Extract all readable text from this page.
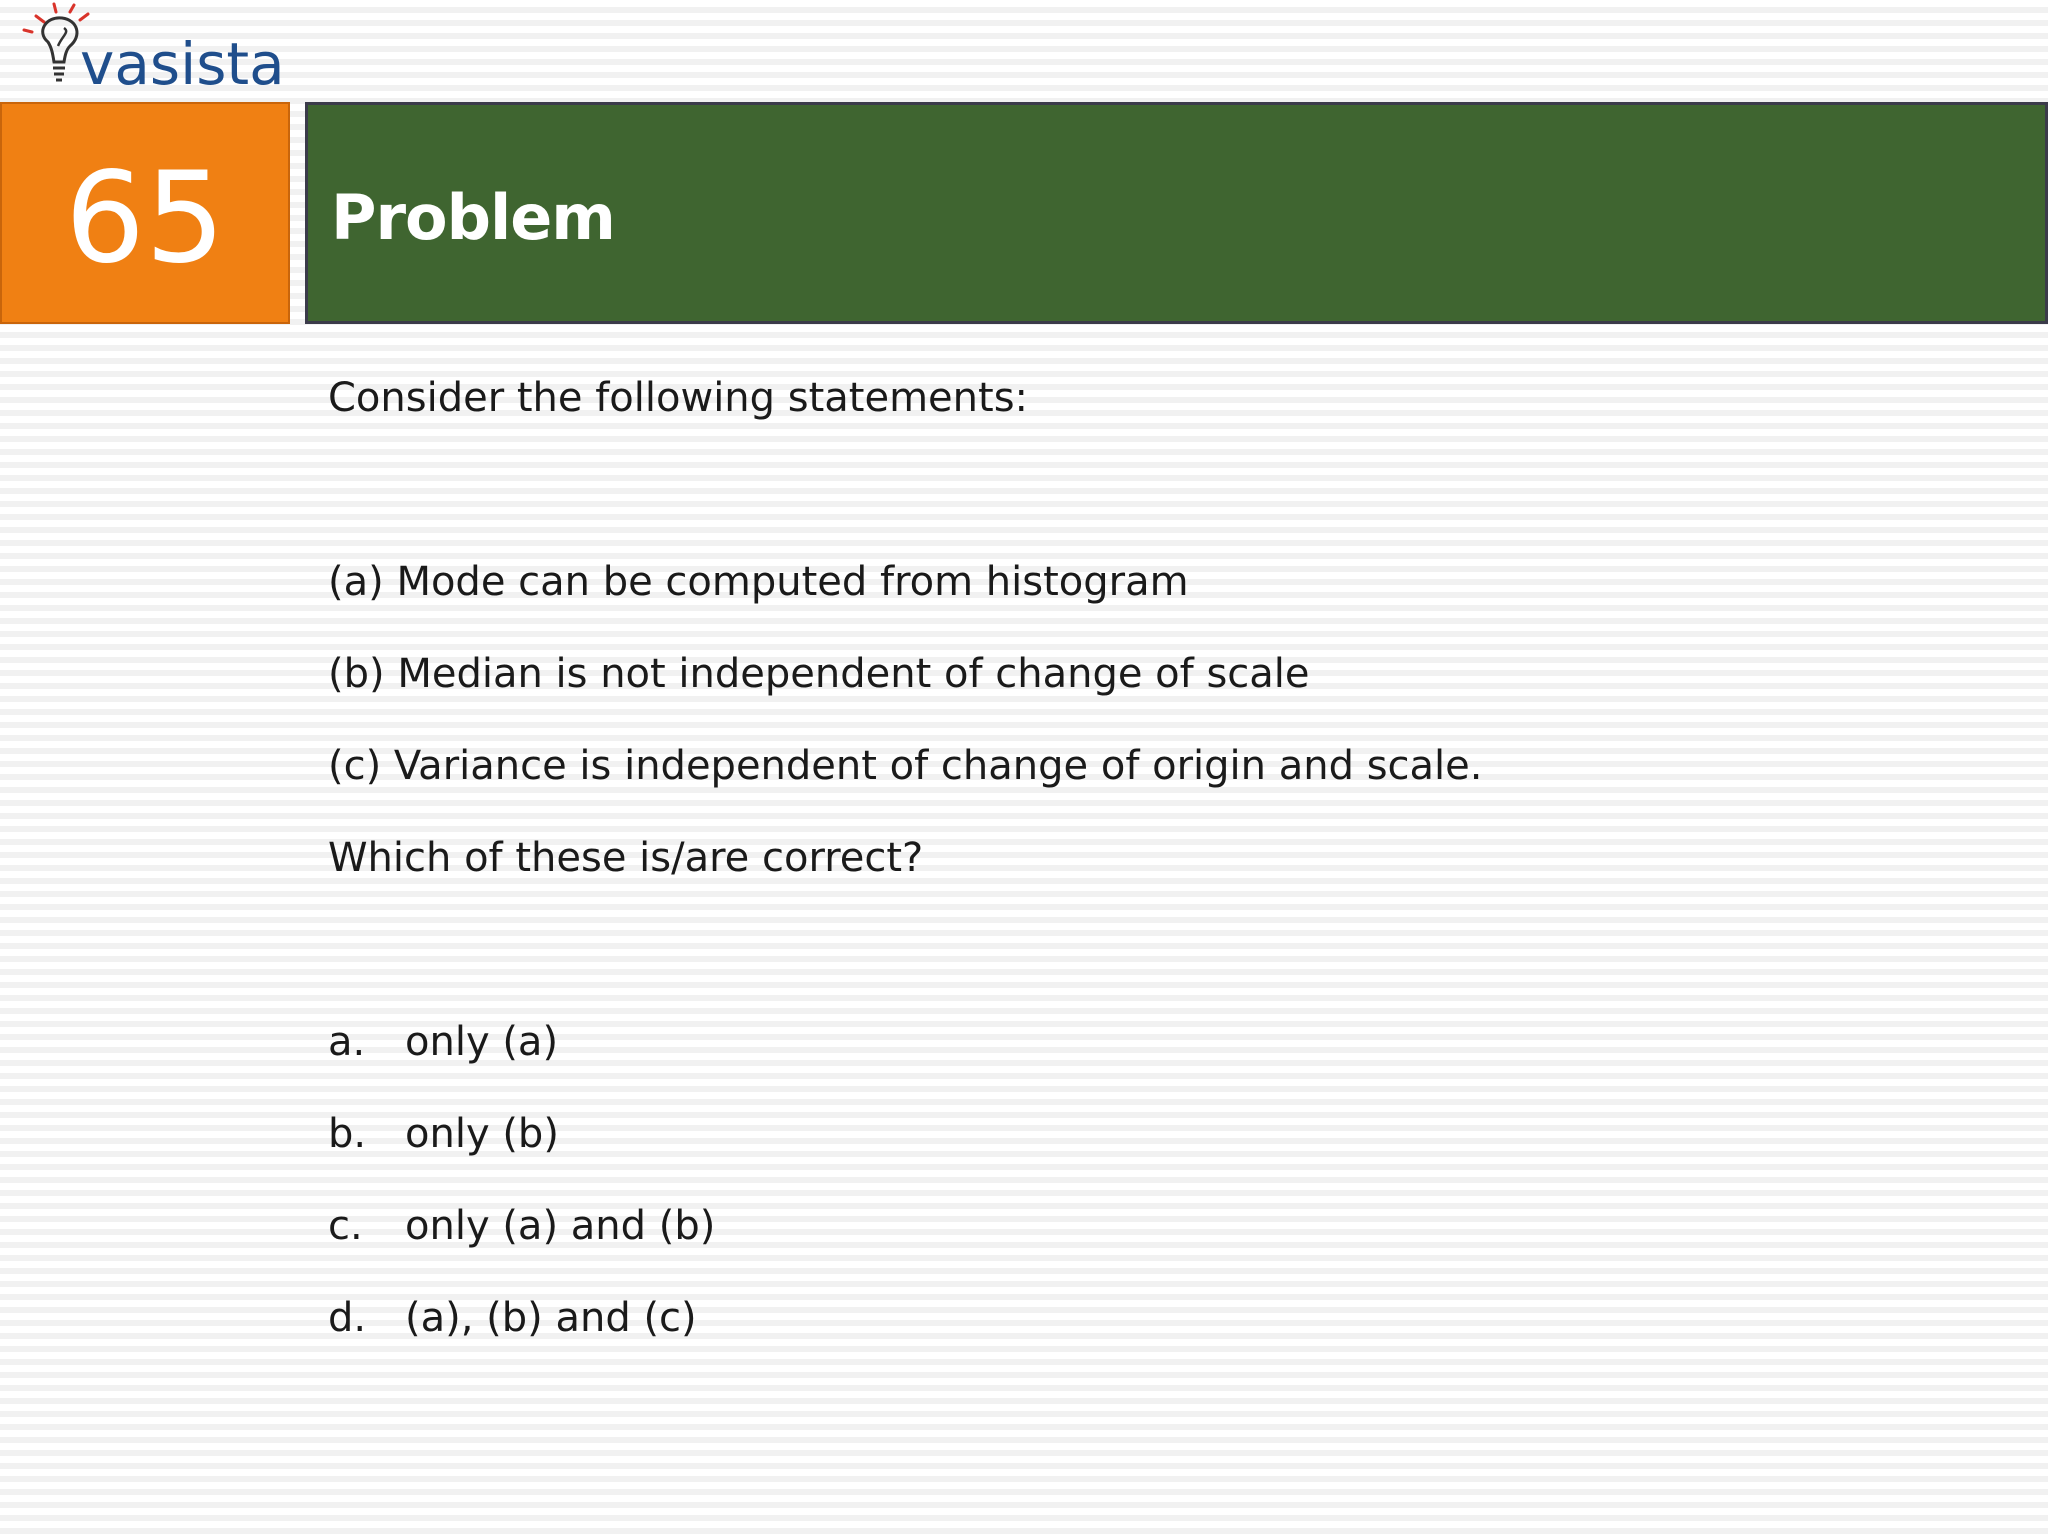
vasista
65 Problem
Consider the following statements:
(a) Mode can be computed from histogram
(b) Median is not independent of change of scale
(c) Variance is independent of change of origin and scale.
Which of these is/are correct?
a. only (a)
b. only (b)
c.	only (a) and (b)
d. (a), (b) and (c)
